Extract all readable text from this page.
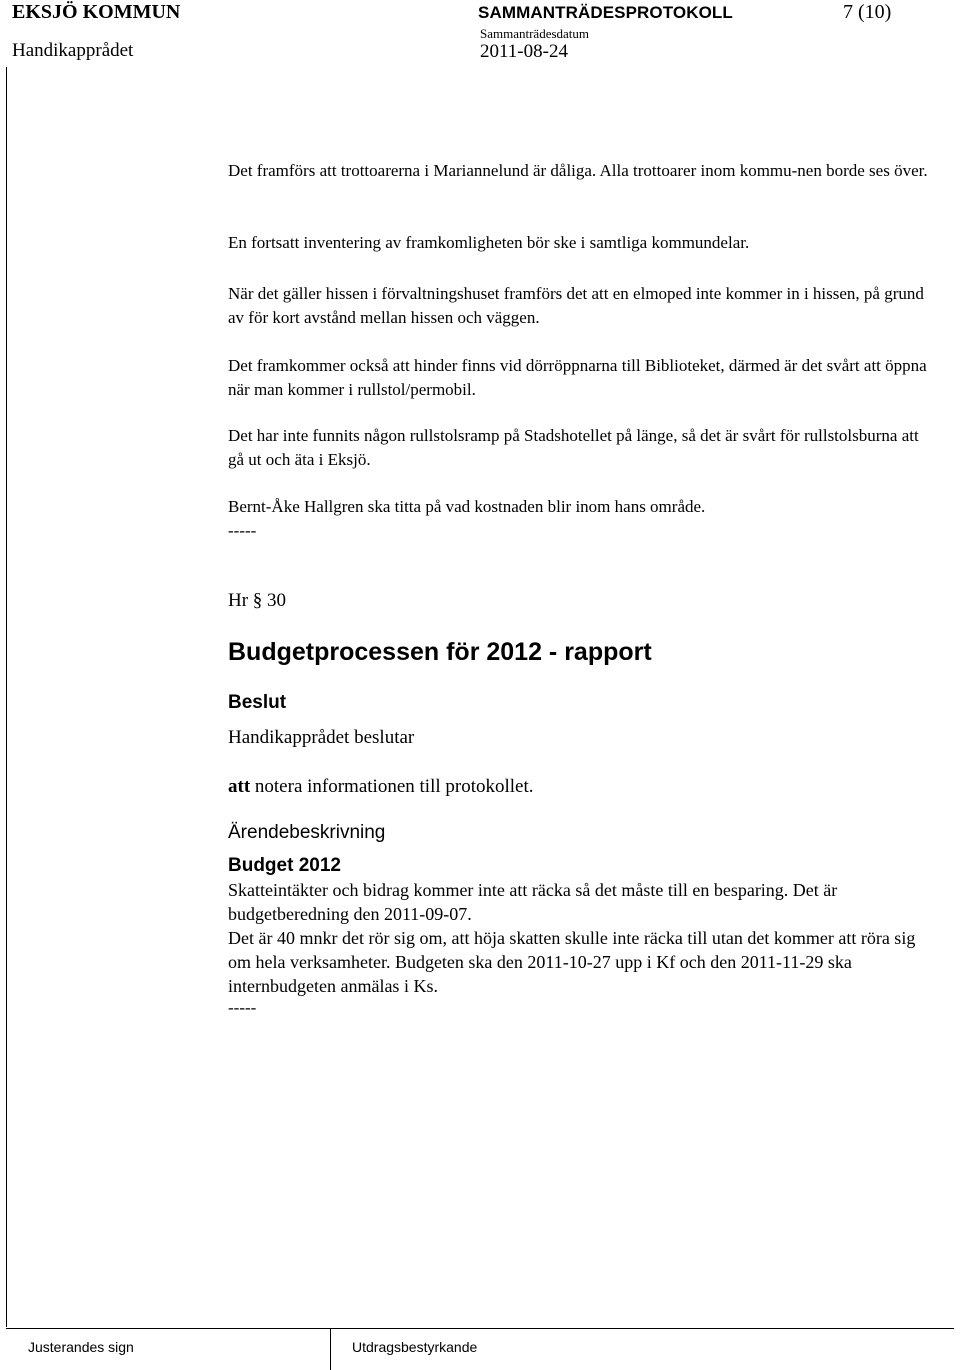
EKSJÖ KOMMUN	SAMMANTRÄDESPROTOKOLL	7 (10)
Handikapprådet
Sammanträdesdatum
2011-08-24
Det framförs att trottoarerna i Mariannelund är dåliga. Alla trottoarer inom kommu-nen borde ses över.
En fortsatt inventering av framkomligheten bör ske i samtliga kommundelar.
När det gäller hissen i förvaltningshuset framförs det att en elmoped inte kommer in i hissen, på grund av för kort avstånd mellan hissen och väggen.
Det framkommer också att hinder finns vid dörröppnarna till Biblioteket, därmed är det svårt att öppna när man kommer i rullstol/permobil.
Det har inte funnits någon rullstolsramp på Stadshotellet på länge, så det är svårt för rullstolsburna att gå ut och äta i Eksjö.
Bernt-Åke Hallgren ska titta på vad kostnaden blir inom hans område.
-----
Hr § 30
Budgetprocessen för 2012 - rapport
Beslut
Handikapprådet beslutar
att notera informationen till protokollet.
Ärendebeskrivning
Budget 2012
Skatteintäkter och bidrag kommer inte att räcka så det måste till en besparing. Det är budgetberedning den 2011-09-07.
Det är 40 mnkr det rör sig om, att höja skatten skulle inte räcka till utan det kommer att röra sig om hela verksamheter. Budgeten ska den 2011-10-27 upp i Kf och den 2011-11-29 ska internbudgeten anmälas i Ks.
-----
Justerandes sign	Utdragsbestyrkande
